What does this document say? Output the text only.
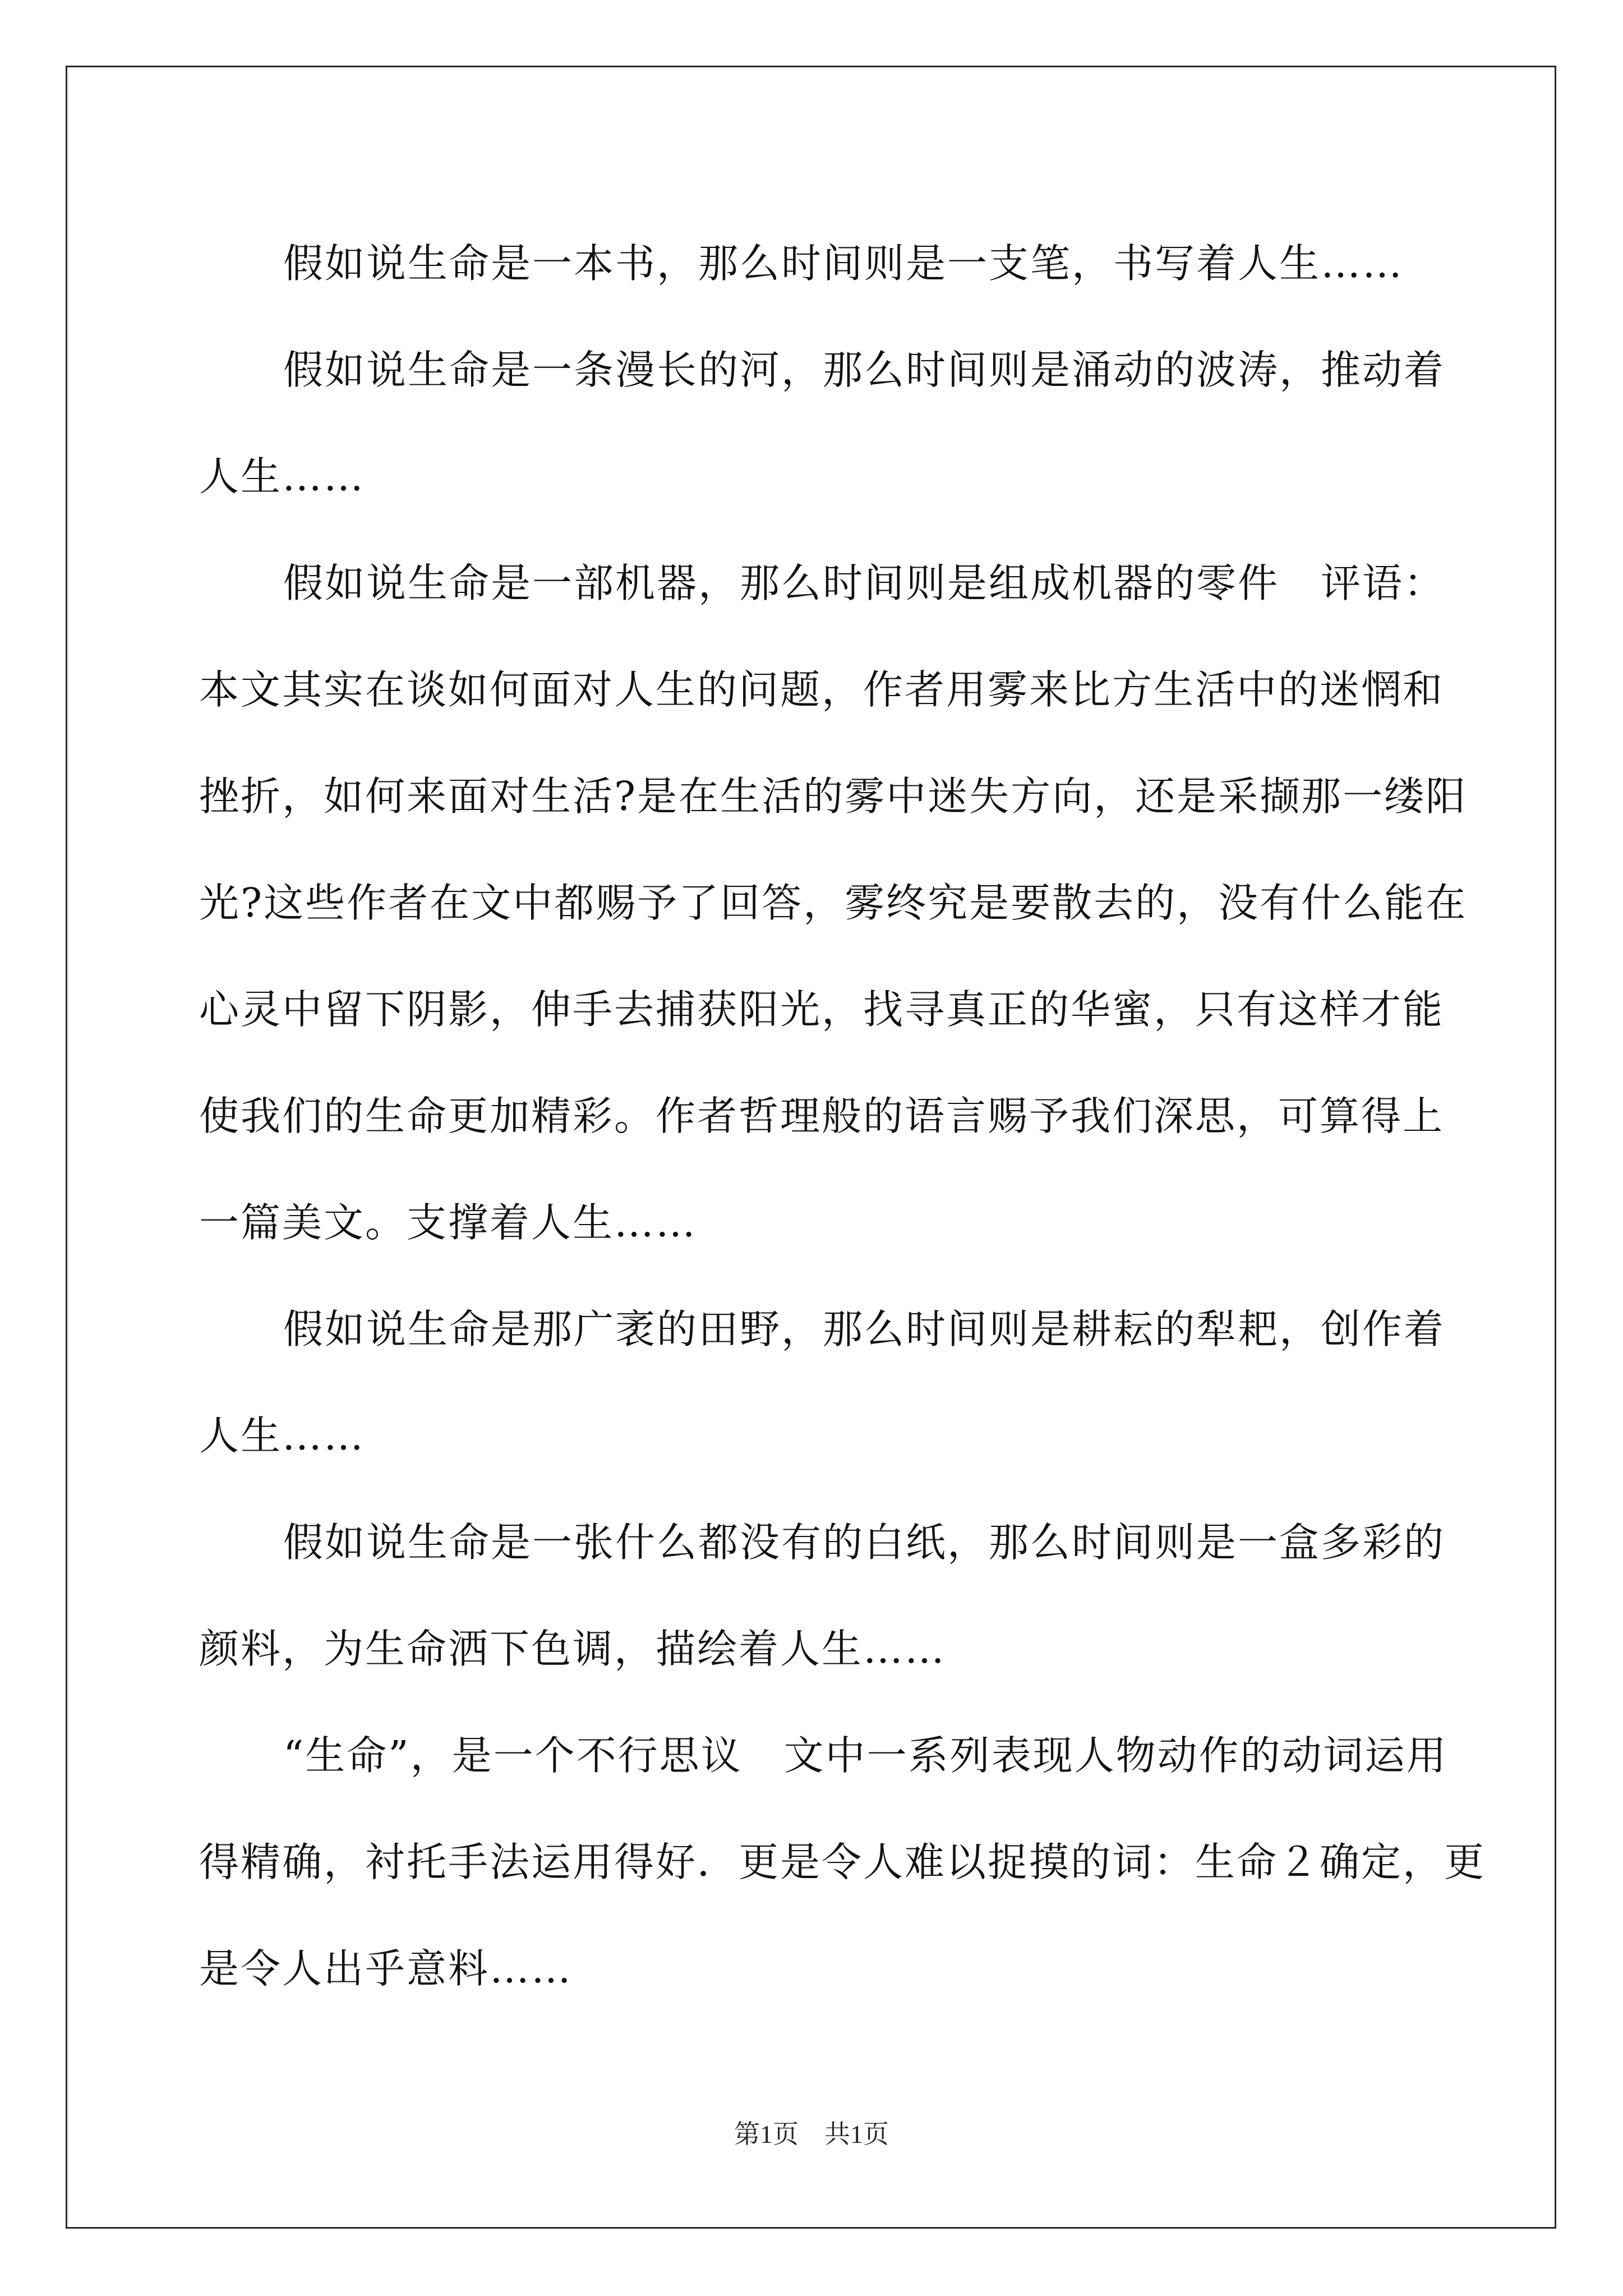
假如说生命是一本书，那么时间则是一支笔，书写着人生……

假如说生命是一条漫长的河，那么时间则是涌动的波涛，推动着
人生……

假如说生命是一部机器，那么时间则是组成机器的零件　评语：
本文其实在谈如何面对人生的问题，作者用雾来比方生活中的迷惘和
挫折，如何来面对生活?是在生活的雾中迷失方向，还是采撷那一缕阳
光?这些作者在文中都赐予了回答，雾终究是要散去的，没有什么能在
心灵中留下阴影，伸手去捕获阳光，找寻真正的华蜜，只有这样才能
使我们的生命更加精彩。作者哲理般的语言赐予我们深思，可算得上
一篇美文。支撑着人生……

假如说生命是那广袤的田野，那么时间则是耕耘的犁耙，创作着
人生……

假如说生命是一张什么都没有的白纸，那么时间则是一盒多彩的
颜料，为生命洒下色调，描绘着人生……

“生命”，是一个不行思议　文中一系列表现人物动作的动词运用
得精确，衬托手法运用得好．更是令人难以捉摸的词：生命２确定，更
是令人出乎意料……

第1页　共1页
